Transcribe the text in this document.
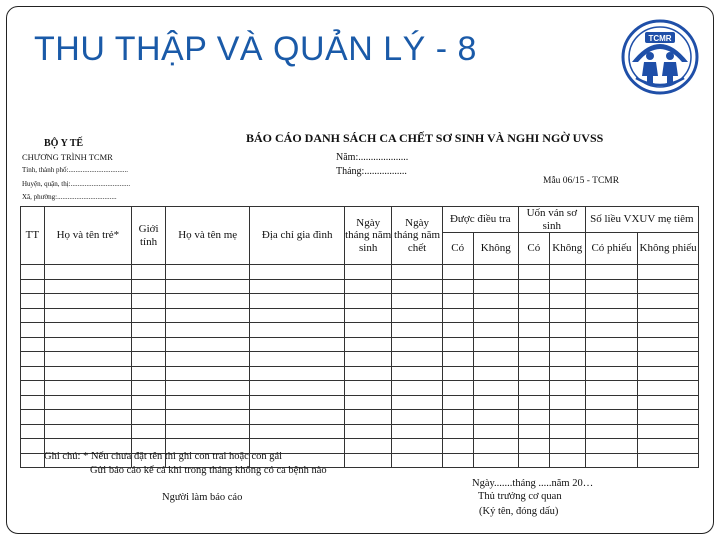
THU THẬP VÀ QUẢN LÝ - 8	TCMR
BỘ Y TẾ
CHƯƠNG TRÌNH TCMR
Tỉnh, thành phố:..................................
Huyện, quận, thị:..................................
Xã, phường:..................................
BÁO CÁO DANH SÁCH CA CHẾT SƠ SINH VÀ NGHI NGỜ UVSS
Năm:....................
Tháng:.................
Mẫu 06/15 - TCMR
TT	Họ và tên trẻ*	Giới tính	Họ và tên mẹ	Địa chỉ gia đình	Ngày tháng năm sinh	Ngày tháng năm chết	Được điều tra		Uốn ván sơ sinh		Số liều VXUV mẹ tiêm	
							Có	Không	Có	Không	Có phiếu	Không phiếu

Ghi chú: * Nếu chưa đặt tên thì ghi con trai hoặc con gái
Gửi báo cáo kể cả khi trong tháng không có ca bệnh nào
Ngày.......tháng .....năm 20…
Thủ trưởng cơ quan
Người làm báo cáo
(Ký tên, đóng dấu)
